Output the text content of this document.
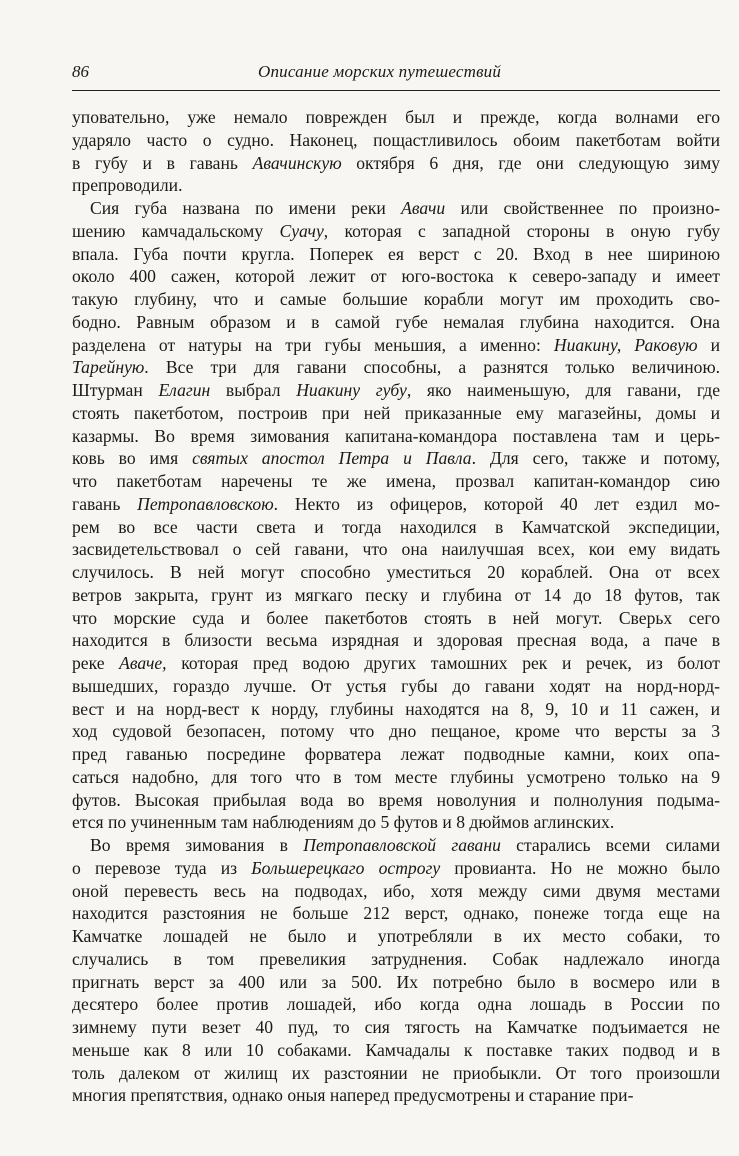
86	Описание морских путешествий
уповательно, уже немало поврежден был и прежде, когда волнами его
ударяло часто о судно. Наконец, пощастливилось обоим пакетботам войти
в губу и в гавань Авачинскую октября 6 дня, где они следующую зиму
препроводили.
Сия губа названа по имени реки Авачи или свойственнее по произно-
шению камчадальскому Суачу, которая с западной стороны в оную губу
впала. Губа почти кругла. Поперек ея верст с 20. Вход в нее шириною
около 400 сажен, которой лежит от юго-востока к северо-западу и имеет
такую глубину, что и самые большие корабли могут им проходить сво-
бодно. Равным образом и в самой губе немалая глубина находится. Она
разделена от натуры на три губы меньшия, а именно: Ниакину, Раковую и
Тарейную. Все три для гавани способны, а разнятся только величиною.
Штурман Елагин выбрал Ниакину губу, яко наименьшую, для гавани, где
стоять пакетботом, построив при ней приказанные ему магазейны, домы и
казармы. Во время зимования капитана-командора поставлена там и церь-
ковь во имя святых апостол Петра и Павла. Для сего, также и потому,
что пакетботам наречены те же имена, прозвал капитан-командор сию
гавань Петропавловскою. Некто из офицеров, которой 40 лет ездил мо-
рем во все части света и тогда находился в Камчатской экспедиции,
засвидетельствовал о сей гавани, что она наилучшая всех, кои ему видать
случилось. В ней могут способно уместиться 20 кораблей. Она от всех
ветров закрыта, грунт из мягкаго песку и глубина от 14 до 18 футов, так
что морские суда и более пакетботов стоять в ней могут. Сверьх сего
находится в близости весьма изрядная и здоровая пресная вода, а паче в
реке Аваче, которая пред водою других тамошних рек и речек, из болот
вышедших, гораздо лучше. От устья губы до гавани ходят на норд-норд-
вест и на норд-вест к норду, глубины находятся на 8, 9, 10 и 11 сажен, и
ход судовой безопасен, потому что дно пещаное, кроме что версты за 3
пред гаванью посредине форватера лежат подводные камни, коих опа-
саться надобно, для того что в том месте глубины усмотрено только на 9
футов. Высокая прибылая вода во время новолуния и полнолуния подыма-
ется по учиненным там наблюдениям до 5 футов и 8 дюймов аглинских.
Во время зимования в Петропавловской гавани старались всеми силами
о перевозе туда из Большерецкаго острогу провианта. Но не можно было
оной перевесть весь на подводах, ибо, хотя между сими двумя местами
находится разстояния не больше 212 верст, однако, понеже тогда еще на
Камчатке лошадей не было и употребляли в их место собаки, то
случались в том превеликия затруднения. Собак надлежало иногда
пригнать верст за 400 или за 500. Их потребно было в восмеро или в
десятеро более против лошадей, ибо когда одна лошадь в России по
зимнему пути везет 40 пуд, то сия тягость на Камчатке подъимается не
меньше как 8 или 10 собаками. Камчадалы к поставке таких подвод и в
толь далеком от жилищ их разстоянии не приобыкли. От того произошли
многия препятствия, однако оныя наперед предусмотрены и старание при-
